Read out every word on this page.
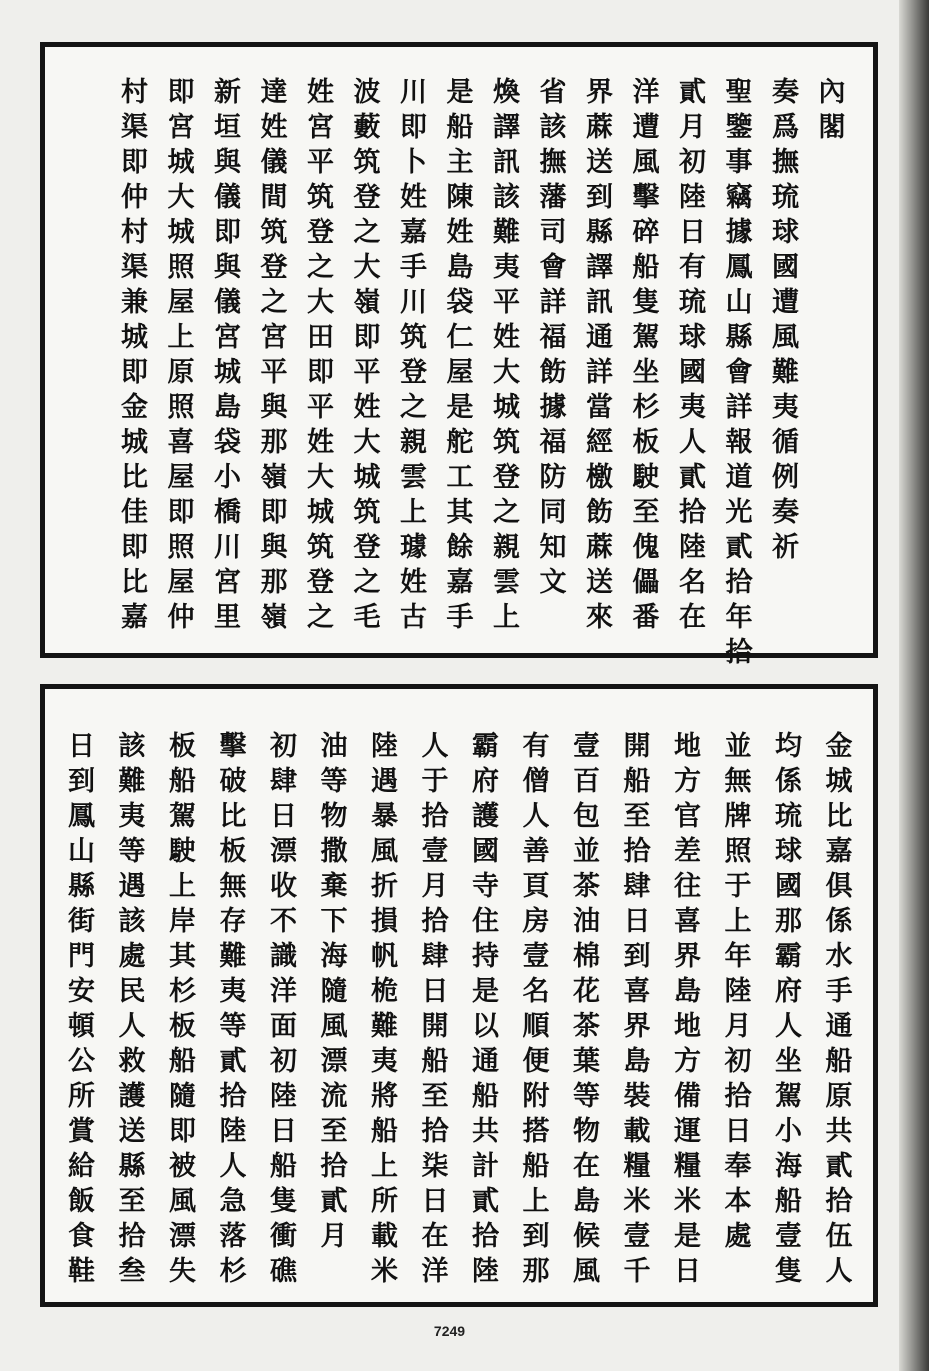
內
閣
奏
爲
撫
琉
球
國
遭
風
難
夷
循
例
奏
祈
聖
鑒
事
竊
據
鳳
山
縣
會
詳
報
道
光
貳
拾
年
拾
貳
月
初
陸
日
有
琉
球
國
夷
人
貳
拾
陸
名
在
洋
遭
風
擊
碎
船
隻
駕
坐
杉
板
駛
至
傀
儡
番
界
蔴
送
到
縣
譯
訊
通
詳
當
經
檄
飭
蔴
送
來
省
該
撫
藩
司
會
詳
福
飭
據
福
防
同
知
文
煥
譯
訊
該
難
夷
平
姓
大
城
筑
登
之
親
雲
上
是
船
主
陳
姓
島
袋
仁
屋
是
舵
工
其
餘
嘉
手
川
即
卜
姓
嘉
手
川
筑
登
之
親
雲
上
璩
姓
古
波
藪
筑
登
之
大
嶺
即
平
姓
大
城
筑
登
之
毛
姓
宮
平
筑
登
之
大
田
即
平
姓
大
城
筑
登
之
達
姓
儀
間
筑
登
之
宮
平
與
那
嶺
即
與
那
嶺
新
垣
與
儀
即
與
儀
宮
城
島
袋
小
橋
川
宮
里
即
宮
城
大
城
照
屋
上
原
照
喜
屋
即
照
屋
仲
村
渠
即
仲
村
渠
兼
城
即
金
城
比
佳
即
比
嘉
金
城
比
嘉
俱
係
水
手
通
船
原
共
貳
拾
伍
人
均
係
琉
球
國
那
霸
府
人
坐
駕
小
海
船
壹
隻
並
無
牌
照
于
上
年
陸
月
初
拾
日
奉
本
處
地
方
官
差
往
喜
界
島
地
方
備
運
糧
米
是
日
開
船
至
拾
肆
日
到
喜
界
島
裝
載
糧
米
壹
千
壹
百
包
並
茶
油
棉
花
茶
葉
等
物
在
島
候
風
有
僧
人
善
頁
房
壹
名
順
便
附
搭
船
上
到
那
霸
府
護
國
寺
住
持
是
以
通
船
共
計
貳
拾
陸
人
于
拾
壹
月
拾
肆
日
開
船
至
拾
柒
日
在
洋
陸
遇
暴
風
折
損
帆
桅
難
夷
將
船
上
所
載
米
油
等
物
撒
棄
下
海
隨
風
漂
流
至
拾
貳
月
初
肆
日
漂
收
不
識
洋
面
初
陸
日
船
隻
衝
礁
擊
破
比
板
無
存
難
夷
等
貳
拾
陸
人
急
落
杉
板
船
駕
駛
上
岸
其
杉
板
船
隨
即
被
風
漂
失
該
難
夷
等
遇
該
處
民
人
救
護
送
縣
至
拾
叁
日
到
鳳
山
縣
街
門
安
頓
公
所
賞
給
飯
食
鞋
7249
